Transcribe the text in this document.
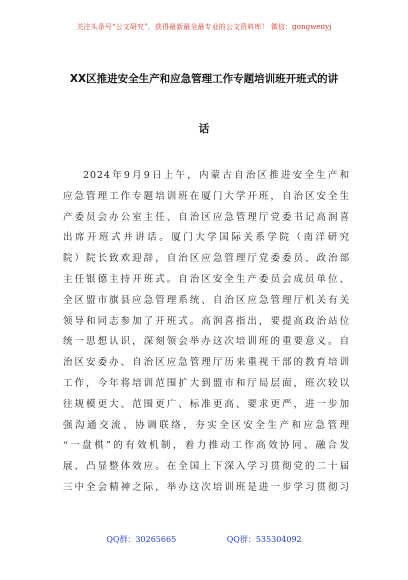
关注头条号“公文研究”，获得最新最全最专业的公文资料库！ 微信：gongwenyj
XX区推进安全生产和应急管理工作专题培训班开班式的讲
话
2024年9月9日上午，内蒙古自治区推进安全生产和
应急管理工作专题培训班在厦门大学开班，自治区安全生
产委员会办公室主任、自治区应急管理厅党委书记高润喜
出席开班式并讲话。厦门大学国际关系学院（南洋研究
院）院长致欢迎辞，自治区应急管理厅党委委员、政治部
主任银德主持开班式。自治区安全生产委员会成员单位、
全区盟市旗县应急管理系统、自治区应急管理厅机关有关
领导和同志参加了开班式。高润喜指出，要提高政治站位
统一思想认识，深刻领会举办这次培训班的重要意义。自
治区安委办、自治区应急管理厅历来重视干部的教育培训
工作，今年将培训范围扩大到盟市和厅局层面，班次较以
往规模更大、范围更广、标准更高、要求更严，进一步加
强沟通交流、协调联络，夯实全区安全生产和应急管理
“一盘棋”的有效机制，着力推动工作高效协同、融合发
展、凸显整体效应。在全国上下深入学习贯彻党的二十届
三中全会精神之际，举办这次培训班是进一步学习贯彻习
QQ群：30265665	QQ群：535304092
